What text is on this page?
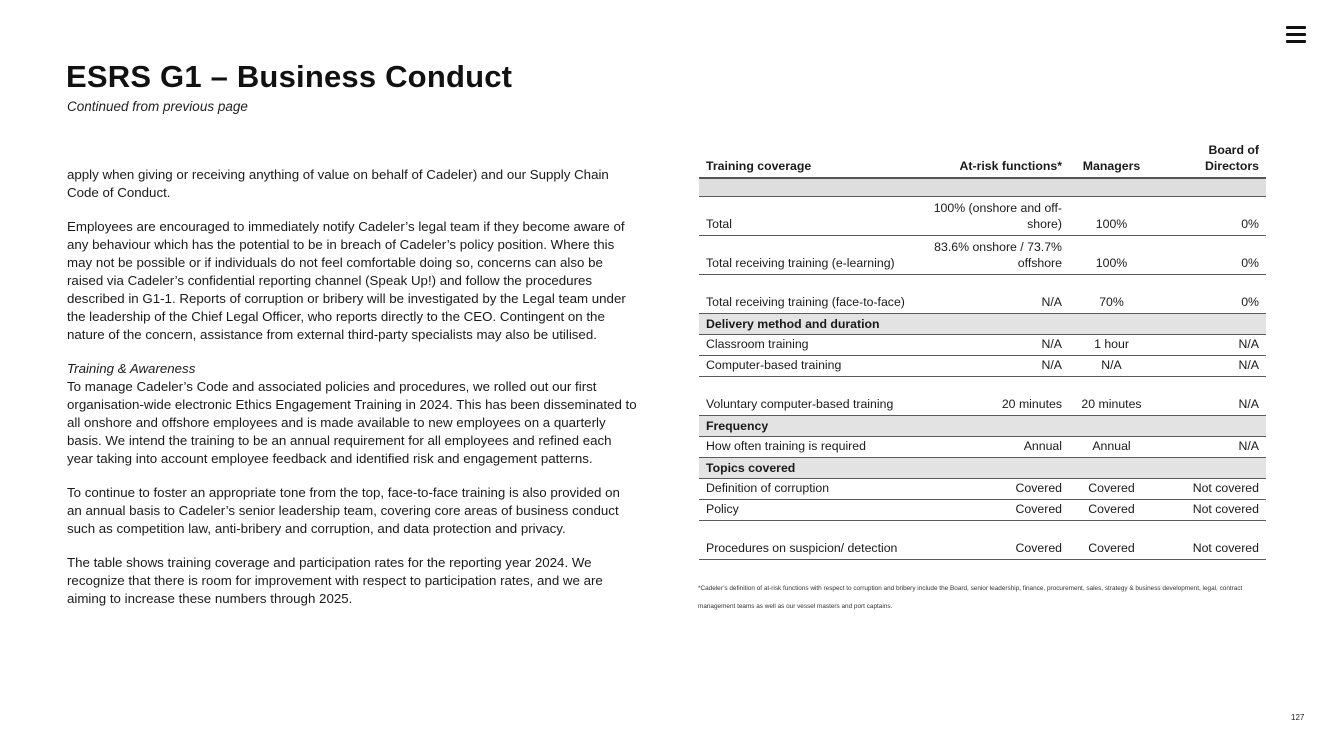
ESRS G1 – Business Conduct
Continued from previous page

apply when giving or receiving anything of value on behalf of Cadeler) and our Supply Chain Code of Conduct.

Employees are encouraged to immediately notify Cadeler’s legal team if they become aware of any behaviour which has the potential to be in breach of Cadeler’s policy position. Where this may not be possible or if individuals do not feel comfortable doing so, concerns can also be raised via Cadeler’s confidential reporting channel (Speak Up!) and follow the procedures described in G1-1. Reports of corruption or bribery will be investigated by the Legal team under the leadership of the Chief Legal Officer, who reports directly to the CEO. Contingent on the nature of the concern, assistance from external third-party specialists may also be utilised.

Training & Awareness
To manage Cadeler’s Code and associated policies and procedures, we rolled out our first organisation-wide electronic Ethics Engagement Training in 2024. This has been disseminated to all onshore and offshore employees and is made available to new employees on a quarterly basis. We intend the training to be an annual requirement for all employees and refined each year taking into account employee feedback and identified risk and engagement patterns.

To continue to foster an appropriate tone from the top, face-to-face training is also provided on an annual basis to Cadeler’s senior leadership team, covering core areas of business conduct such as competition law, anti-bribery and corruption, and data protection and privacy.

The table shows training coverage and participation rates for the reporting year 2024. We recognize that there is room for improvement with respect to participation rates, and we are aiming to increase these numbers through 2025.

Training coverage	At-risk functions*	Managers	Board of Directors

Total	100% (onshore and offshore)	100%	0%
Total receiving training (e-learning)	83.6% onshore / 73.7% offshore	100%	0%
Total receiving training (face-to-face)	N/A	70%	0%
Delivery method and duration			
Classroom training	N/A	1 hour	N/A
Computer-based training	N/A	N/A	N/A
Voluntary computer-based training	20 minutes	20 minutes	N/A
Frequency			
How often training is required	Annual	Annual	N/A
Topics covered			
Definition of corruption	Covered	Covered	Not covered
Policy	Covered	Covered	Not covered
Procedures on suspicion/ detection	Covered	Covered	Not covered
*Cadeler’s definition of at-risk functions with respect to corruption and bribery include the Board, senior leadership, finance, procurement, sales, strategy & business development, legal, contract management teams as well as our vessel masters and port captains.
127
